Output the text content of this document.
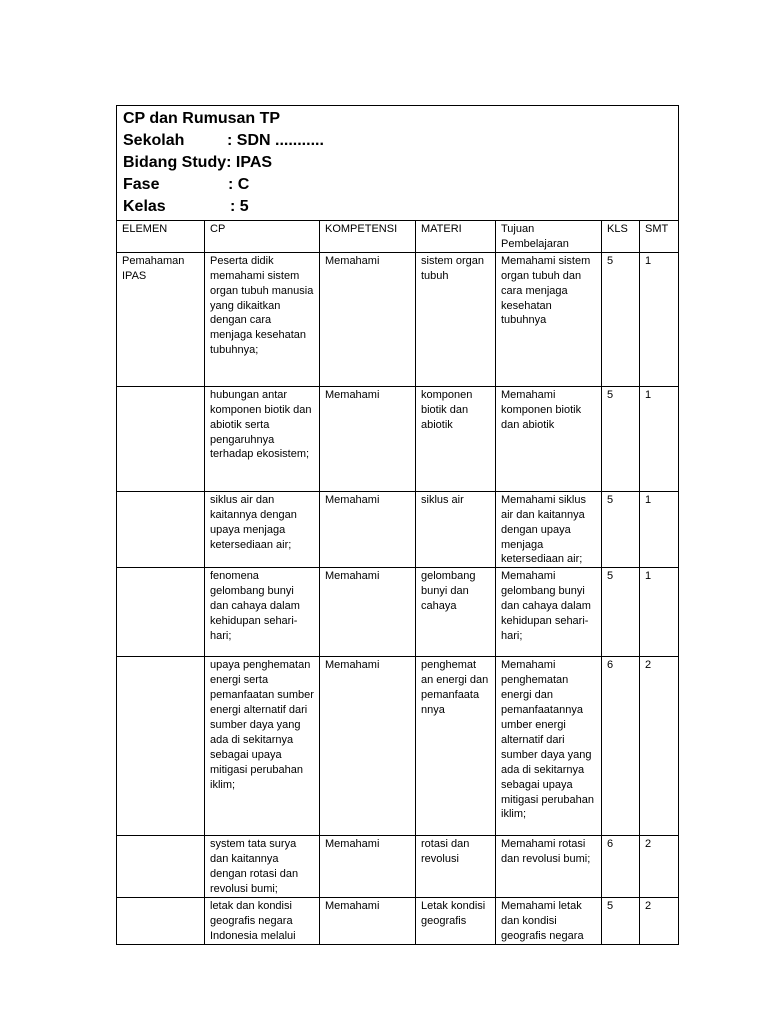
CP dan Rumusan TP
Sekolah : SDN ...........
Bidang Study: IPAS
Fase : C
Kelas : 5						

ELEMEN	CP	KOMPETENSI	MATERI	Tujuan Pembelajaran	KLS	SMT
Pemahaman IPAS	Peserta didik memahami sistem organ tubuh manusia yang dikaitkan dengan cara menjaga kesehatan tubuhnya;	Memahami	sistem organ tubuh	Memahami sistem organ tubuh dan cara menjaga kesehatan tubuhnya	5	1
	hubungan antar komponen biotik dan abiotik serta pengaruhnya terhadap ekosistem;	Memahami	komponen biotik dan abiotik	Memahami komponen biotik dan abiotik	5	1
	siklus air dan kaitannya dengan upaya menjaga ketersediaan air;	Memahami	siklus air	Memahami siklus air dan kaitannya dengan upaya menjaga ketersediaan air;	5	1
	fenomena gelombang bunyi dan cahaya dalam kehidupan sehari-hari;	Memahami	gelombang bunyi dan cahaya	Memahami gelombang bunyi dan cahaya dalam kehidupan sehari-hari;	5	1
	upaya penghematan energi serta pemanfaatan sumber energi alternatif dari sumber daya yang ada di sekitarnya sebagai upaya mitigasi perubahan iklim;	Memahami	penghemat an energi dan pemanfaata nnya	Memahami penghematan energi dan pemanfaatannya umber energi alternatif dari sumber daya yang ada di sekitarnya sebagai upaya mitigasi perubahan iklim;	6	2
	system tata surya dan kaitannya dengan rotasi dan revolusi bumi;	Memahami	rotasi dan revolusi	Memahami rotasi dan revolusi bumi;	6	2
	letak dan kondisi geografis negara Indonesia melalui	Memahami	Letak kondisi geografis	Memahami letak dan kondisi geografis negara	5	2
